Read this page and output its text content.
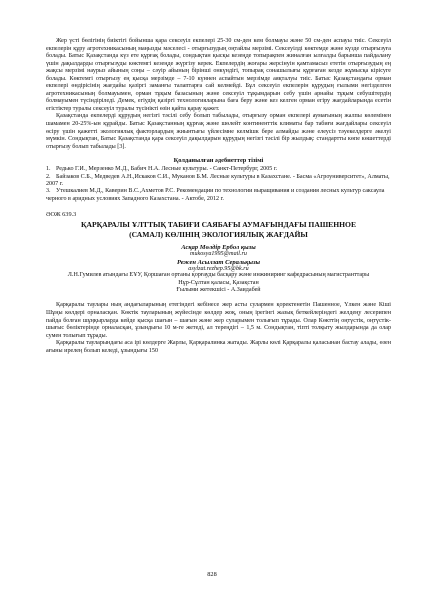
Жер үсті бөлігінің биіктігі бойынша қара сексеуіл екпелері 25-30 см-ден кем болмауы және 50 см-ден аспауы тиіс. Сексеуіл екпелерін құру агротехникасының маңызды мәселесі - отырғызудың оңтайлы мерзімі. Сексеуілді көктемде және күзде отырғызуға болады. Батыс Қазақстанда күз ете құрғақ болады, сондықтан қысқы кезеңде топырақпен жиналған ылғалды барынша пайдалану үшін дақылдарды отырғызуды көктемгі кезеңде жүргізу керек. Екпелердің жоғары жерсінуін қамтамасыз ететін отырғызудың ең жақсы мерзімі наурыз айының соңы – сәуір айының бірінші онкүндігі, топырақ сонашылығы құрғаған кезде жұмысқа кірісуге болады. Көктемгі отырғызу ең қысқа мерзімде – 7-10 күннен аспайтын мерзімде аяқталуы тиіс. Батыс Қазақстандағы орман екпелері өндірісінің жағдайы қазіргі заманғы талаптарға сай келмейді. Бұл сексеуіл екпелерін құрудың ғылыми негізделген агротехникасының болмауымен, орман тұқым базасының және сексеуіл тұқымдарын себу үшін арнайы тұқым себушітердің болмауымен түсіндіріледі. Демек, егіудің қазіргі технологияларына баға беру және кез келген орман егіру жағдайларында есетін егістіктер туралы сексеуіл туралы түсінікті өзін қайта қарау қажет.

Қазақстанда екпелерді құрудың негізгі тәсілі себу болып табылады, отырғызу орман екпелері аумағының жалпы көлемінен шамамен 20-25%-ын құрайды. Батыс Қазақстанның құрғақ және шөлейт континенттік климаты бар табиғи жағдайлары сексеуіл өсіру үшін қажетті экологиялық факторлардың жиынтығы үйлесімне келмішк бере алмайды және елеусіз тәуекелдерге әкелуі мүмкін. Сондықтан, Батыс Қазақстанда қара сексеуіл дақылдарын құрудың негізгі тәсілі бір жылдық: стандартты көпе көшеттерді отырғызу болып табылады [3].

Қолданылған әдебиеттер тізімі
1. Редько Г.И., Мерзенко М.Д., Бабич Н.А. Лесные культуры. - Санкт-Петербург, 2005 г.
2. Байзаков С.Б., Медведев А.Н.,Искаков С.И., Муканов Б.М. Лесные культуры в Казахстане. - Басма «Агроуниверситет», Алматы, 2007 г.
3. Утешкалиев М.Д., Каверин В.С.,Ахметов Р.С. Рекомендации по технологии выращивания и создания лесных культур саксаула черного в аридных условиях Западного Казахстана. - Актобе, 2012 г.
ӘОЖ 639.3
ҚАРҚАРАЛЫ ҰЛТТЫҚ ТАБИҒИ САЯБАҒЫ АУМАҒЫНДАҒЫ ПАШЕННОЕ
(САМАЛ) КӨЛІНІҢ ЭКОЛОГИЯЛЫҚ ЖАҒДАЙЫ
Асқар Мөлдір Ербол қызы
mukosya1995@mail.ru
Режен Асылзат Серальқызы
asylzat.rezhep.95@bk.ru
Л.Н.Гумилев атындағы ЕҰУ, Қоршаған ортаны қорғауды басқару және инжиниринг кафедрасының магистранттары
Нұр-Сұлтан қаласы, Қазақстан
Ғылыми жетекшісі - А.Заидабей

Қарқаралы таулары ның андағыларының етегіндегі кебінесе жер асты сулармен қоректенетін Пашенное, Үлкен және Кіші Шұңы көлдері орналасқан. Көктік тауларының жүйесінде көлдер жоқ, оның ірегінгі жазық беткейлеріндегі желдеңу лесерипен пайда болған шұңқырларда кейде қысқа шағын – шағын және жер суларымен толығып тұрады. Олар Көкттің оңтүстік, оңтүстік-шығыс бөліктерінде орналасқан, ұзындығы 10 м-ге жетеді, ал тереңдігі – 1,5 м. Сондықтан, тіпті толқыту жылдарында да олар сумен толығып тұрады.

Қарқаралы тауларындағы аса ірі көлдерге Жарлы, Қарқаралинка жатады. Жарлы көлі Қарқаралы қаласынан бастау алады, өзен ағыны ирелең болып келеді, ұзындығы 150

828
